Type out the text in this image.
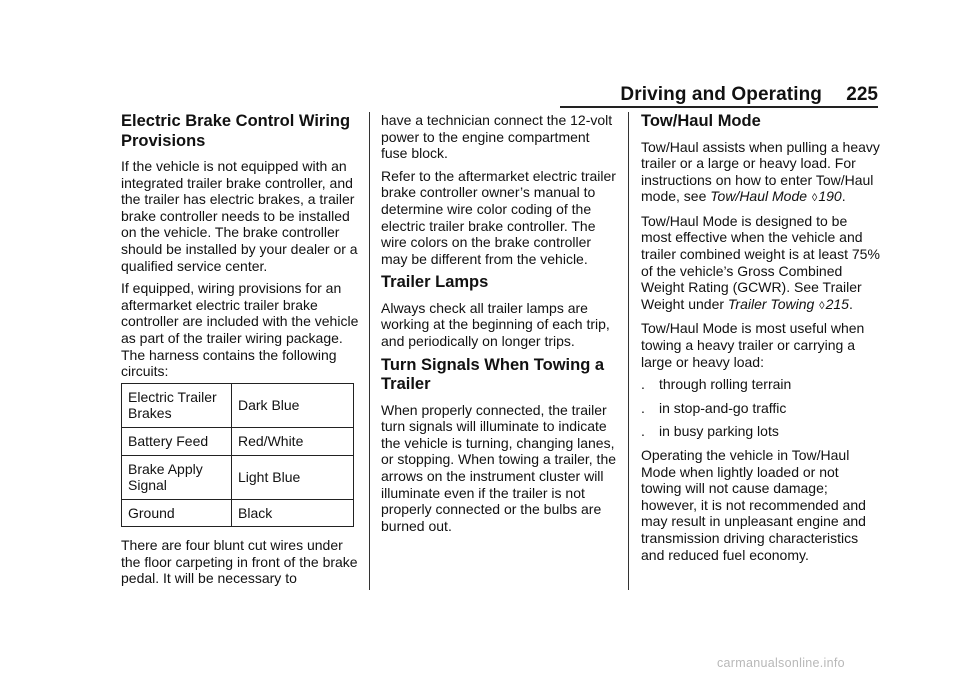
Driving and Operating 225
Electric Brake Control Wiring Provisions

If the vehicle is not equipped with an integrated trailer brake controller, and the trailer has electric brakes, a trailer brake controller needs to be installed on the vehicle. The brake controller should be installed by your dealer or a qualified service center.

If equipped, wiring provisions for an aftermarket electric trailer brake controller are included with the vehicle as part of the trailer wiring package. The harness contains the following circuits:

Electric Trailer Brakes	Dark Blue
Battery Feed	Red/White
Brake Apply Signal	Light Blue
Ground	Black

There are four blunt cut wires under the floor carpeting in front of the brake pedal. It will be necessary to

have a technician connect the 12-volt power to the engine compartment fuse block.

Refer to the aftermarket electric trailer brake controller owner’s manual to determine wire color coding of the electric trailer brake controller. The wire colors on the brake controller may be different from the vehicle.

Trailer Lamps

Always check all trailer lamps are working at the beginning of each trip, and periodically on longer trips.

Turn Signals When Towing a Trailer

When properly connected, the trailer turn signals will illuminate to indicate the vehicle is turning, changing lanes, or stopping. When towing a trailer, the arrows on the instrument cluster will illuminate even if the trailer is not properly connected or the bulbs are burned out.

Tow/Haul Mode

Tow/Haul assists when pulling a heavy trailer or a large or heavy load. For instructions on how to enter Tow/Haul mode, see Tow/Haul Mode ◊190.

Tow/Haul Mode is designed to be most effective when the vehicle and trailer combined weight is at least 75% of the vehicle’s Gross Combined Weight Rating (GCWR). See Trailer Weight under Trailer Towing ◊215.

Tow/Haul Mode is most useful when towing a heavy trailer or carrying a large or heavy load:

. through rolling terrain
. in stop-and-go traffic
. in busy parking lots

Operating the vehicle in Tow/Haul Mode when lightly loaded or not towing will not cause damage; however, it is not recommended and may result in unpleasant engine and transmission driving characteristics and reduced fuel economy.

carmanualsonline.info
